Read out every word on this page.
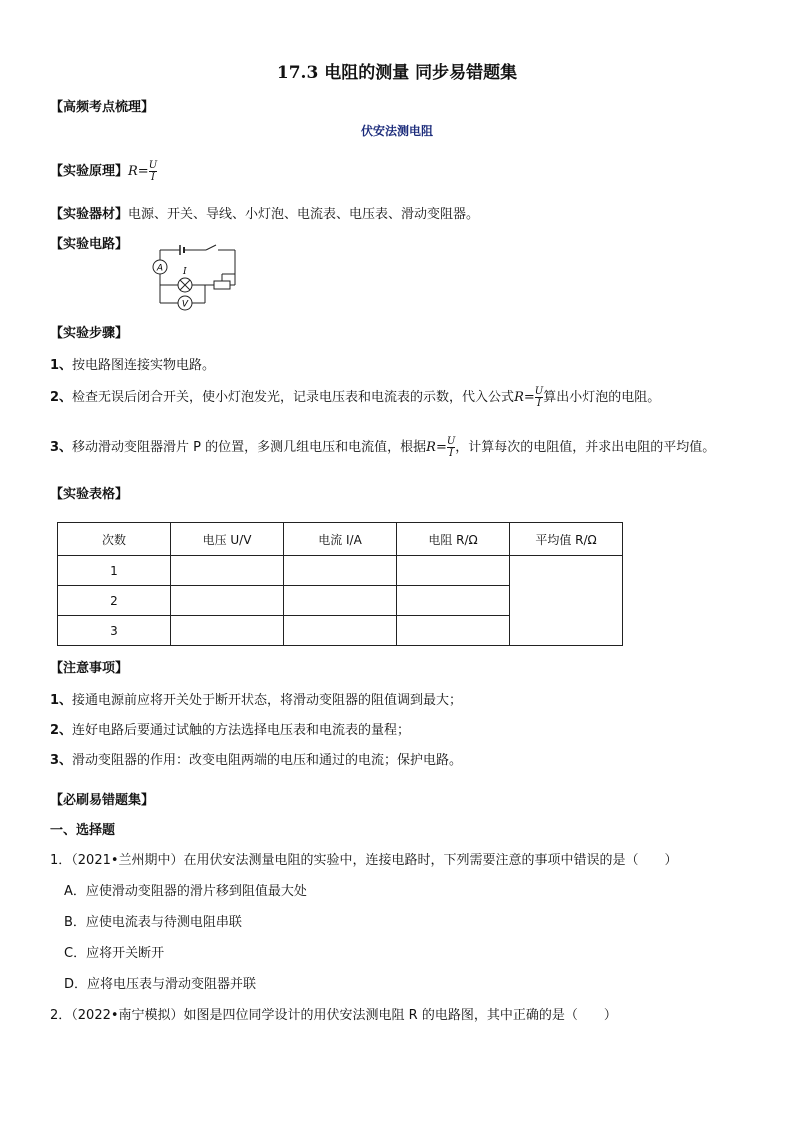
17.3 电阻的测量 同步易错题集
【高频考点梳理】
伏安法测电阻
【实验原理】$R= \frac{U}{I}$
【实验器材】电源、开关、导线、小灯泡、电流表、电压表、滑动变阻器。
【实验电路】
A
V
I
【实验步骤】
1、按电路图连接实物电路。
2、检查无误后闭合开关，使小灯泡发光，记录电压表和电流表的示数，代入公式$R= \frac{U}{I}$ 算出小灯泡的电阻。
3、移动滑动变阻器滑片 P 的位置，多测几组电压和电流值，根据$R= \frac{U}{I}$ ，计算每次的电阻值，并求出电阻的平均值。
【实验表格】
次数	电压 U/V	电流 I/A	电阻 R/Ω	平均值 R/Ω
1				
2				
3				
【注意事项】
1、接通电源前应将开关处于断开状态，将滑动变阻器的阻值调到最大；
2、连好电路后要通过试触的方法选择电压表和电流表的量程；
3、滑动变阻器的作用：改变电阻两端的电压和通过的电流；保护电路。
【必刷易错题集】
一、选择题
1．（2021•兰州期中）在用伏安法测量电阻的实验中，连接电路时，下列需要注意的事项中错误的是（　　）
A．应使滑动变阻器的滑片移到阻值最大处
B．应使电流表与待测电阻串联
C．应将开关断开
D．应将电压表与滑动变阻器并联
2．（2022•南宁模拟）如图是四位同学设计的用伏安法测电阻 R 的电路图，其中正确的是（　　）
